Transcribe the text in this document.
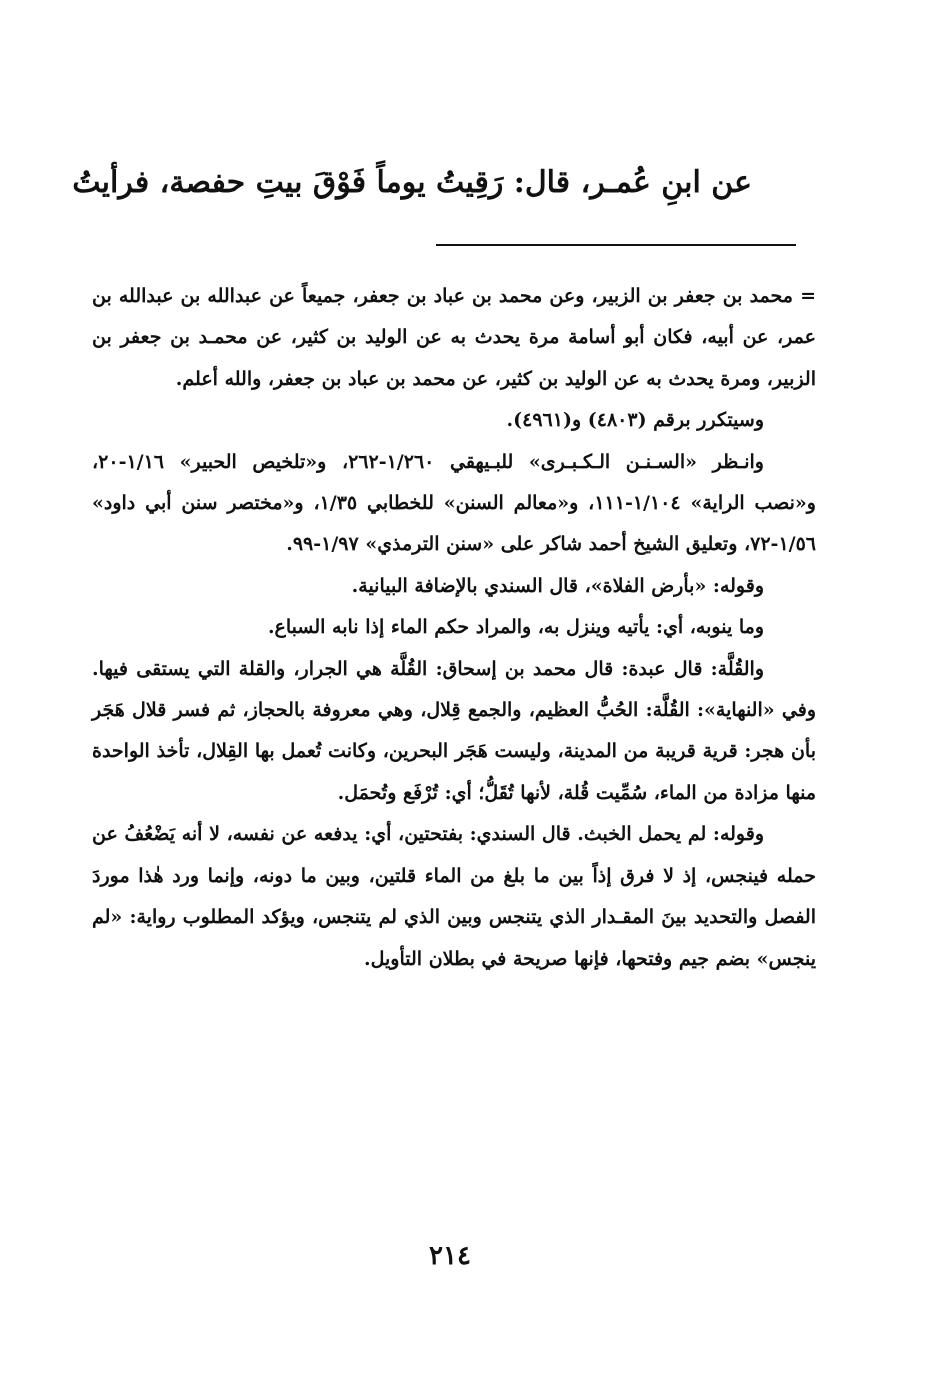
عن ابنِ عُمـر، قال: رَقِيتُ يوماً فَوْقَ بيتِ حفصة، فرأيتُ

= محمد بن جعفر بن الزبير، وعن محمد بن عباد بن جعفر، جميعاً عن عبدالله بن عبدالله بن عمر، عن أبيه، فكان أبو أسامة مرة يحدث به عن الوليد بن كثير، عن محمـد بن جعفر بن الزبير، ومرة يحدث به عن الوليد بن كثير، عن محمد بن عباد بن جعفر، والله أعلم.

وسيتكرر برقم (٤٨٠٣) و(٤٩٦١).

وانـظر «السـنـن الـكـبـرى» للبـيهقي ١/٢٦٠-٢٦٢، و«تلخيص الحبير» ١/١٦-٢٠، و«نصب الراية» ١/١٠٤-١١١، و«معالم السنن» للخطابي ١/٣٥، و«مختصر سنن أبي داود» ١/٥٦-٧٢، وتعليق الشيخ أحمد شاكر على «سنن الترمذي» ١/٩٧-٩٩.

وقوله: «بأرض الفلاة»، قال السندي بالإضافة البيانية.

وما ينوبه، أي: يأتيه وينزل به، والمراد حكم الماء إذا نابه السباع.

والقُلَّة: قال عبدة: قال محمد بن إسحاق: القُلَّة هي الجرار، والقلة التي يستقى فيها. وفي «النهاية»: القُلَّة: الحُبُّ العظيم، والجمع قِلال، وهي معروفة بالحجاز، ثم فسر قلال هَجَر بأن هجر: قرية قريبة من المدينة، وليست هَجَر البحرين، وكانت تُعمل بها القِلال، تأخذ الواحدة منها مزادة من الماء، سُمِّيت قُلة، لأنها تُقَلُّ؛ أي: تُرْفَع وتُحمَل.

وقوله: لم يحمل الخبث. قال السندي: بفتحتين، أي: يدفعه عن نفسه، لا أنه يَضْعُفُ عن حمله فينجس، إذ لا فرق إذاً بين ما بلغ من الماء قلتين، وبين ما دونه، وإنما ورد هٰذا موردَ الفصل والتحديد بينَ المقـدار الذي يتنجس وبين الذي لم يتنجس، ويؤكد المطلوب رواية: «لم ينجس» بضم جيم وفتحها، فإنها صريحة في بطلان التأويل.

٢١٤
